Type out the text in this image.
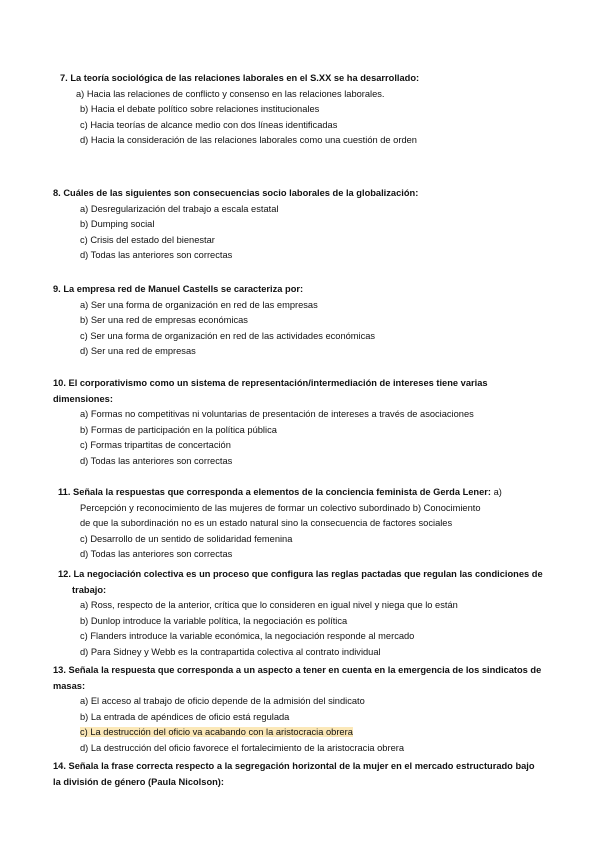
7. La teoría sociológica de las relaciones laborales en el S.XX se ha desarrollado:
a) Hacia las relaciones de conflicto y consenso en las relaciones laborales.
b) Hacia el debate político sobre relaciones institucionales
c) Hacia teorías de alcance medio con dos líneas identificadas
d) Hacia la consideración de las relaciones laborales como una cuestión de orden
8. Cuáles de las siguientes son consecuencias socio laborales de la globalización:
a) Desregularización del trabajo a escala estatal
b) Dumping social
c) Crisis del estado del bienestar
d) Todas las anteriores son correctas
9. La empresa red de Manuel Castells se caracteriza por:
a) Ser una forma de organización en red de las empresas
b) Ser una red de empresas económicas
c) Ser una forma de organización en red de las actividades económicas
d) Ser una red de empresas
10. El corporativismo como un sistema de representación/intermediación de intereses tiene varias
dimensiones:
a) Formas no competitivas ni voluntarias de presentación de intereses a través de asociaciones
b) Formas de participación en la política pública
c) Formas tripartitas de concertación
d) Todas las anteriores son correctas
11. Señala la respuestas que corresponda a elementos de la conciencia feminista de Gerda Lener: a)
Percepción y reconocimiento de las mujeres de formar un colectivo subordinado b) Conocimiento
de que la subordinación no es un estado natural sino la consecuencia de factores sociales
c) Desarrollo de un sentido de solidaridad femenina
d) Todas las anteriores son correctas
12. La negociación colectiva es un proceso que configura las reglas pactadas que regulan las condiciones de
trabajo:
a) Ross, respecto de la anterior, crítica que lo consideren en igual nivel y niega que lo están
b) Dunlop introduce la variable política, la negociación es política
c) Flanders introduce la variable económica, la negociación responde al mercado
d) Para Sidney y Webb es la contrapartida colectiva al contrato individual
13. Señala la respuesta que corresponda a un aspecto a tener en cuenta en la emergencia de los sindicatos de
masas:
a) El acceso al trabajo de oficio depende de la admisión del sindicato
b) La entrada de apéndices de oficio está regulada
c) La destrucción del oficio va acabando con la aristocracia obrera
d) La destrucción del oficio favorece el fortalecimiento de la aristocracia obrera
14. Señala la frase correcta respecto a la segregación horizontal de la mujer en el mercado estructurado bajo
la división de género (Paula Nicolson):
